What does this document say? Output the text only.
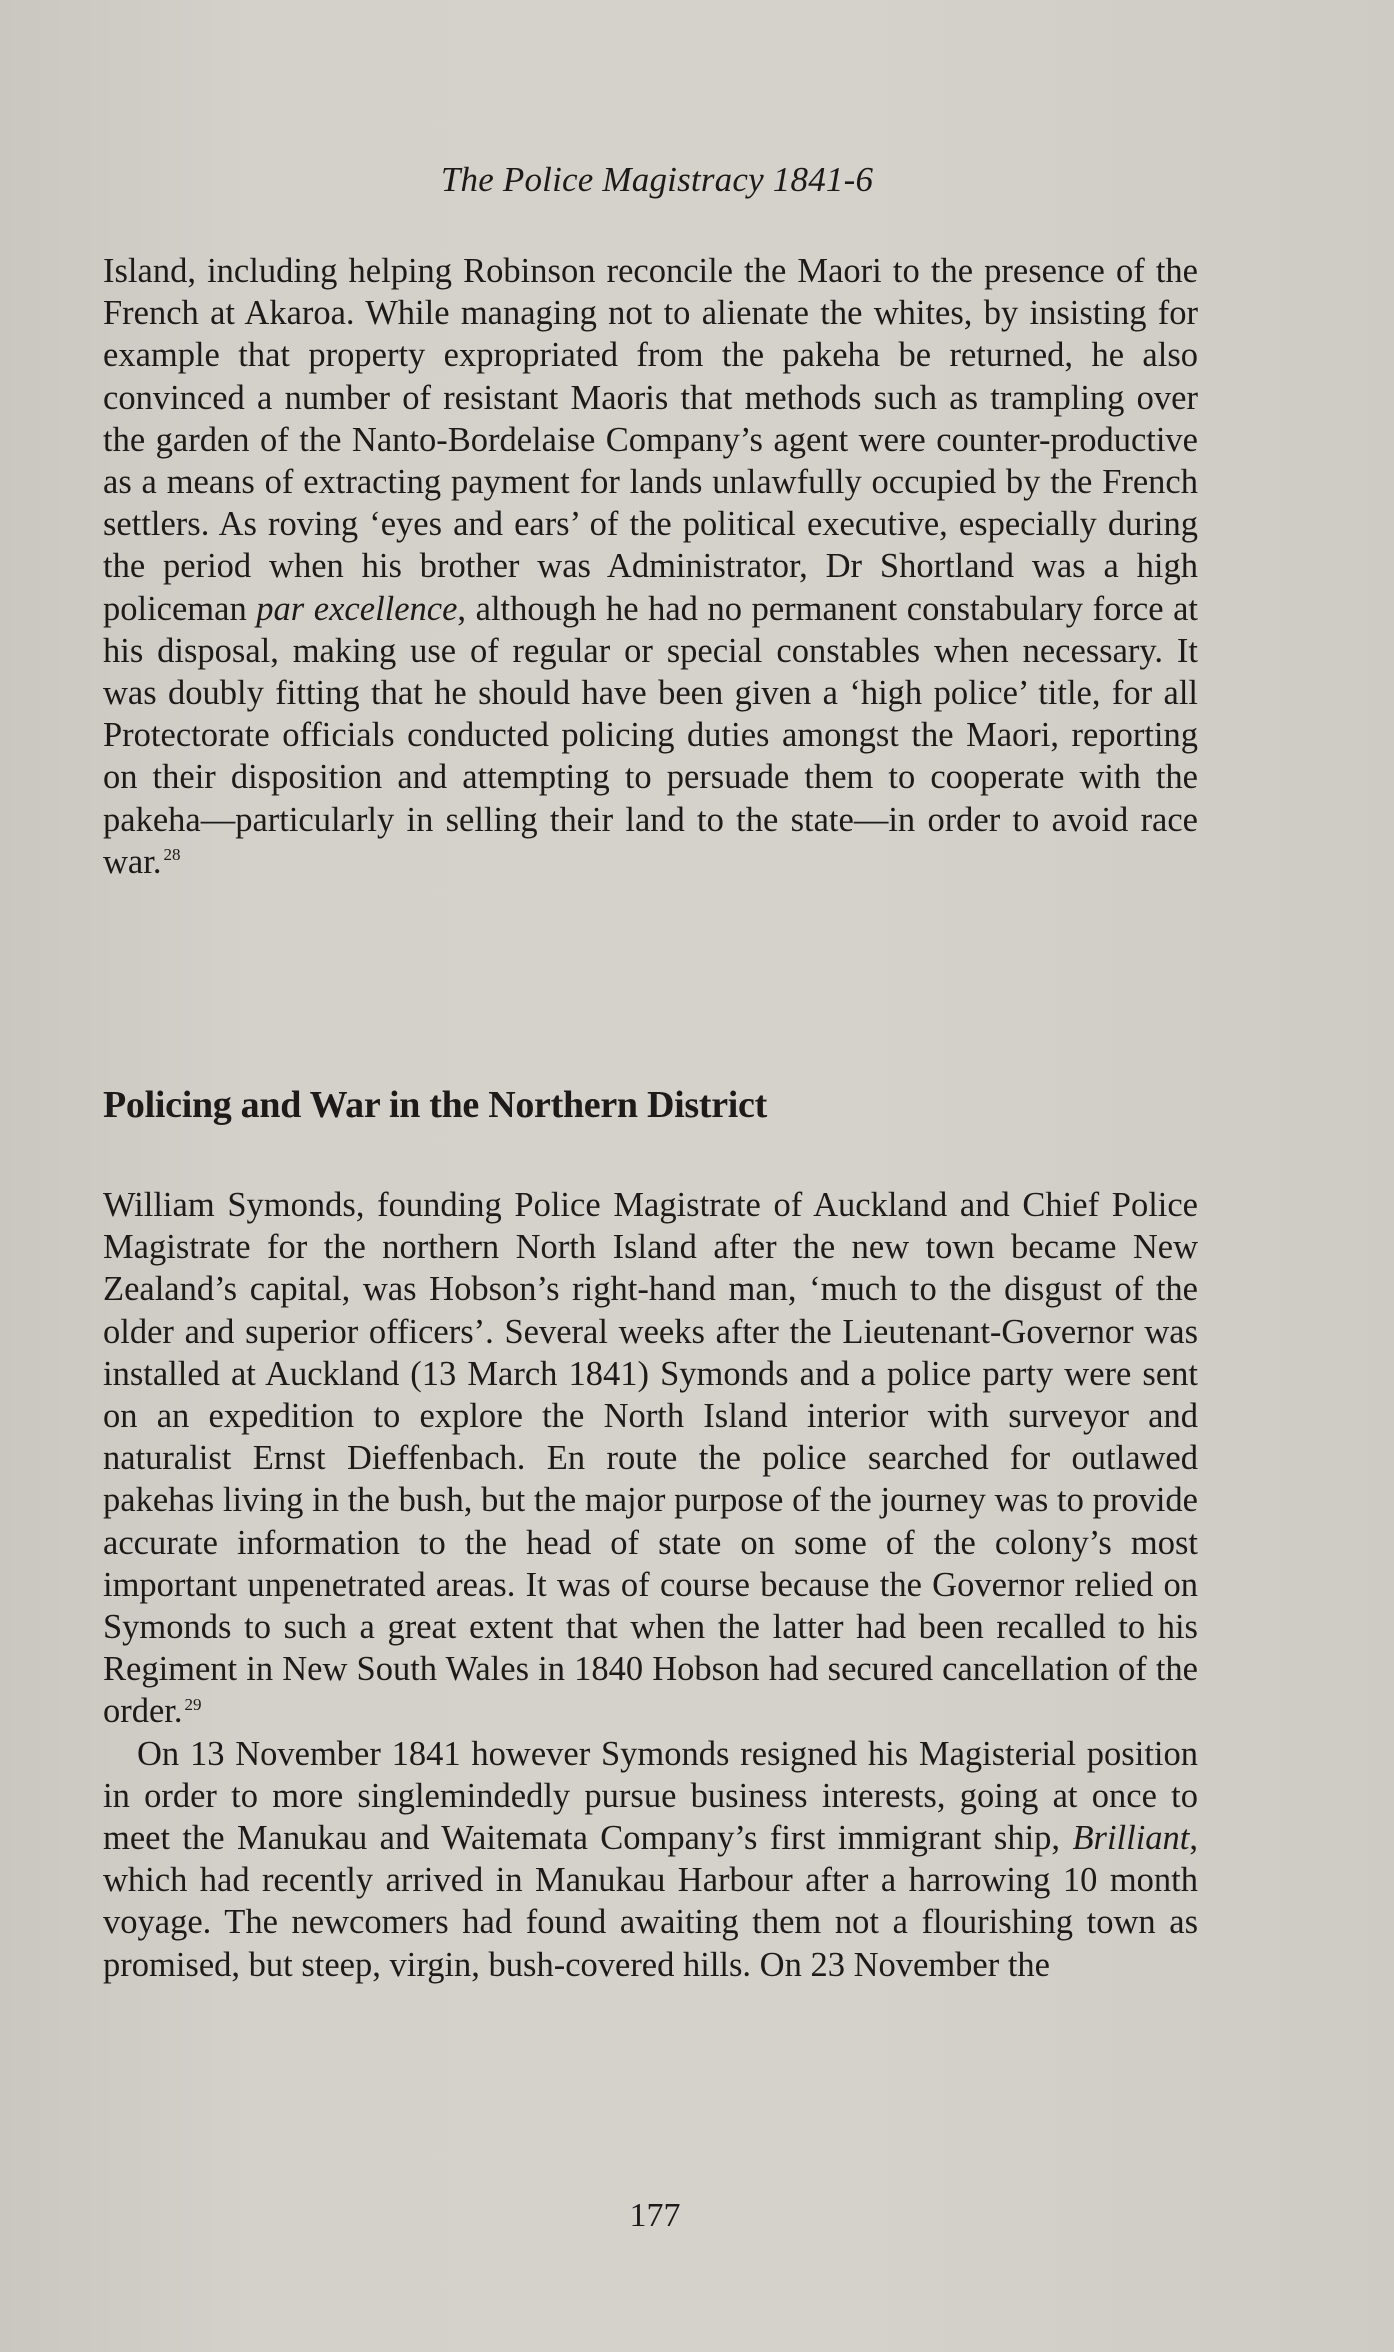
The Police Magistracy 1841-6

Island, including helping Robinson reconcile the Maori to the presence of the French at Akaroa. While managing not to alienate the whites, by insisting for example that property expropriated from the pakeha be returned, he also convinced a number of resistant Maoris that methods such as trampling over the garden of the Nanto-Bordelaise Company’s agent were counter-productive as a means of extracting payment for lands unlawfully occupied by the French settlers. As roving ‘eyes and ears’ of the political executive, especially during the period when his brother was Administrator, Dr Shortland was a high policeman par excellence, although he had no permanent constabulary force at his disposal, making use of regular or special constables when necessary. It was doubly fitting that he should have been given a ‘high police’ title, for all Protectorate officials conducted policing duties amongst the Maori, reporting on their disposition and attempting to persuade them to cooperate with the pakeha—particularly in selling their land to the state—in order to avoid race war. $^{28}$

Policing and War in the Northern District

William Symonds, founding Police Magistrate of Auckland and Chief Police Magistrate for the northern North Island after the new town became New Zealand’s capital, was Hobson’s right-hand man, ‘much to the disgust of the older and superior officers’. Several weeks after the Lieutenant-Governor was installed at Auckland (13 March 1841) Symonds and a police party were sent on an expedition to explore the North Island interior with surveyor and naturalist Ernst Dieffenbach. En route the police searched for outlawed pakehas living in the bush, but the major purpose of the journey was to provide accurate information to the head of state on some of the colony’s most important unpenetrated areas. It was of course because the Governor relied on Symonds to such a great extent that when the latter had been recalled to his Regiment in New South Wales in 1840 Hobson had secured cancellation of the order. $^{29}$

On 13 November 1841 however Symonds resigned his Magisterial position in order to more singlemindedly pursue business interests, going at once to meet the Manukau and Waitemata Company’s first immigrant ship, Brilliant, which had recently arrived in Manukau Harbour after a harrowing 10 month voyage. The newcomers had found awaiting them not a flourishing town as promised, but steep, virgin, bush-covered hills. On 23 November the

177
